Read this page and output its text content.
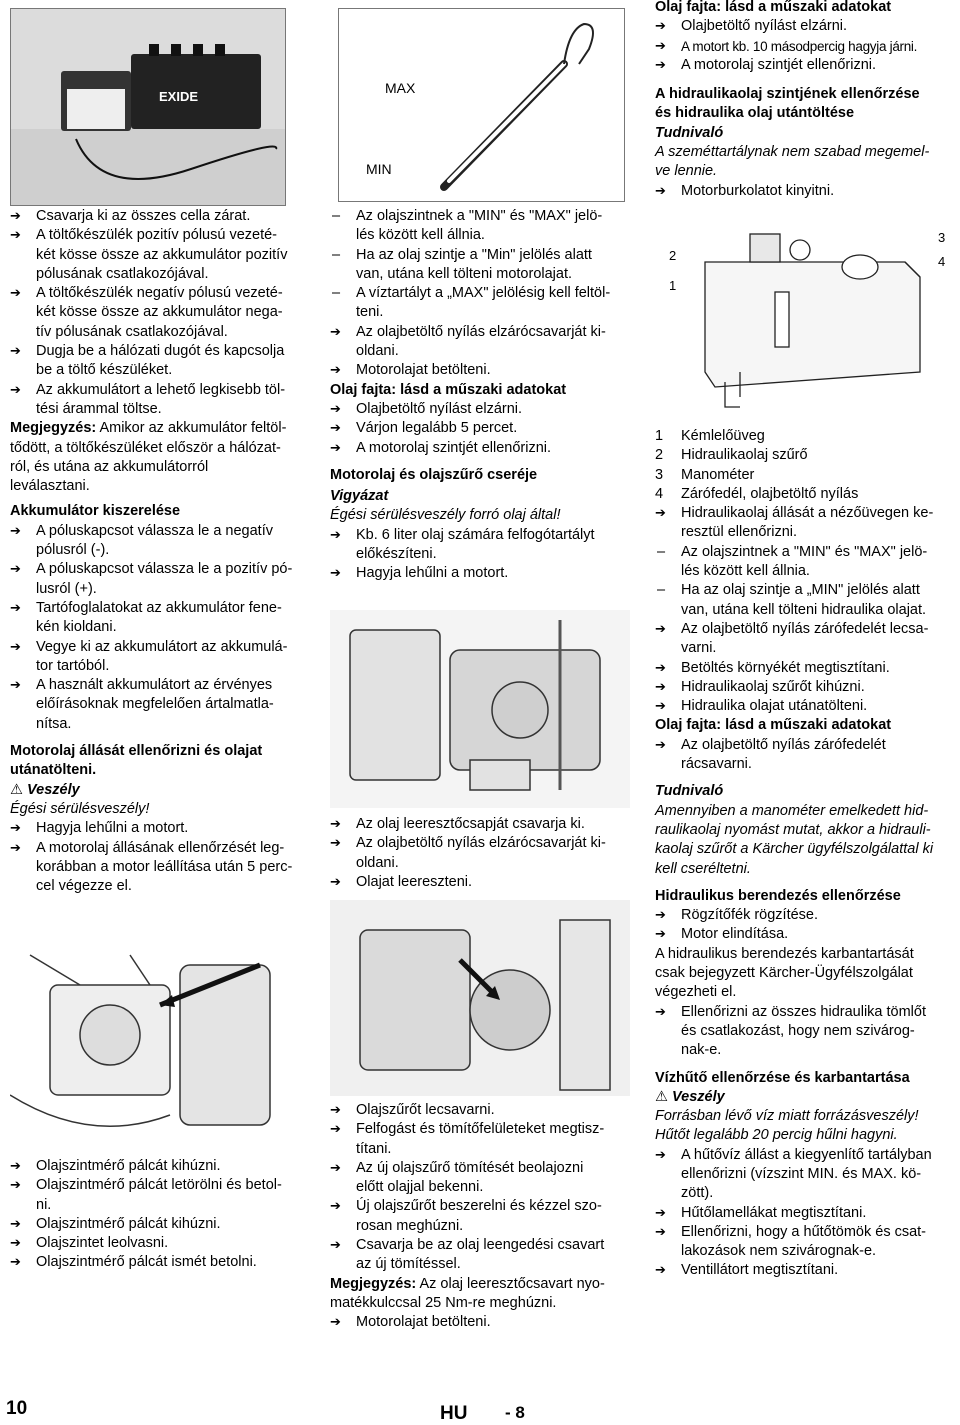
EXIDE
➔ Csavarja ki az összes cella zárat.
➔ A töltőkészülék pozitív pólusú vezeté-
két kösse össze az akkumulátor pozitív
pólusának csatlakozójával.
➔ A töltőkészülék negatív pólusú vezeté-
két kösse össze az akkumulátor nega-
tív pólusának csatlakozójával.
➔ Dugja be a hálózati dugót és kapcsolja
be a töltő készüléket.
➔ Az akkumulátort a lehető legkisebb töl-
tési árammal töltse.
Megjegyzés: Amikor az akkumulátor feltöl-
tődött, a töltőkészüléket először a hálózat-
ról, és utána az akkumulátorról
leválasztani.
Akkumulátor kiszerelése
➔ A póluskapcsot válassza le a negatív
pólusról (-).
➔ A póluskapcsot válassza le a pozitív pó-
lusról (+).
➔ Tartófoglalatokat az akkumulátor fene-
kén kioldani.
➔ Vegye ki az akkumulátort az akkumulá-
tor tartóból.
➔ A használt akkumulátort az érvényes
előírásoknak megfelelően ártalmatla-
nítsa.
Motorolaj állását ellenőrizni és olajat
utánatölteni.
⚠ Veszély
Égési sérülésveszély!
➔ Hagyja lehűlni a motort.
➔ A motorolaj állásának ellenőrzését leg-
korábban a motor leállítása után 5 perc-
cel végezze el.
➔ Olajszintmérő pálcát kihúzni.
➔ Olajszintmérő pálcát letörölni és betol-
ni.
➔ Olajszintmérő pálcát kihúzni.
➔ Olajszintet leolvasni.
➔ Olajszintmérő pálcát ismét betolni.
MAX
MIN
– Az olajszintnek a "MIN" és "MAX" jelö-
lés között kell állnia.
– Ha az olaj szintje a "Min" jelölés alatt
van, utána kell tölteni motorolajat.
– A víztartályt a „MAX" jelölésig kell feltöl-
teni.
➔ Az olajbetöltő nyílás elzárócsavarját ki-
oldani.
➔ Motorolajat betölteni.
Olaj fajta: lásd a műszaki adatokat
➔ Olajbetöltő nyílást elzárni.
➔ Várjon legalább 5 percet.
➔ A motorolaj szintjét ellenőrizni.
Motorolaj és olajszűrő cseréje
Vigyázat
Égési sérülésveszély forró olaj által!
➔ Kb. 6 liter olaj számára felfogótartályt
előkészíteni.
➔ Hagyja lehűlni a motort.
➔ Az olaj leeresztőcsapját csavarja ki.
➔ Az olajbetöltő nyílás elzárócsavarját ki-
oldani.
➔ Olajat leereszteni.
➔ Olajszűrőt lecsavarni.
➔ Felfogást és tömítőfelületeket megtisz-
títani.
➔ Az új olajszűrő tömítését beolajozni
előtt olajjal bekenni.
➔ Új olajszűrőt beszerelni és kézzel szo-
rosan meghúzni.
➔ Csavarja be az olaj leengedési csavart
az új tömítéssel.
Megjegyzés: Az olaj leeresztőcsavart nyo-
matékkulccsal 25 Nm-re meghúzni.
➔ Motorolajat betölteni.
Olaj fajta: lásd a műszaki adatokat
➔ Olajbetöltő nyílást elzárni.
➔ A motort kb. 10 másodpercig hagyja járni.
➔ A motorolaj szintjét ellenőrizni.
A hidraulikaolaj szintjének ellenőrzése
és hidraulika olaj utántöltése
Tudnivaló
A szeméttartálynak nem szabad megemel-
ve lennie.
➔ Motorburkolatot kinyitni.
2
1
3
4
1 Kémlelőüveg
2 Hidraulikaolaj szűrő
3 Manométer
4 Zárófedél, olajbetöltő nyílás
➔ Hidraulikaolaj állását a nézőüvegen ke-
resztül ellenőrizni.
– Az olajszintnek a "MIN" és "MAX" jelö-
lés között kell állnia.
– Ha az olaj szintje a „MIN" jelölés alatt
van, utána kell tölteni hidraulika olajat.
➔ Az olajbetöltő nyílás zárófedelét lecsa-
varni.
➔ Betöltés környékét megtisztítani.
➔ Hidraulikaolaj szűrőt kihúzni.
➔ Hidraulika olajat utánatölteni.
Olaj fajta: lásd a műszaki adatokat
➔ Az olajbetöltő nyílás zárófedelét
rácsavarni.
Tudnivaló
Amennyiben a manométer emelkedett hid-
raulikaolaj nyomást mutat, akkor a hidrauli-
kaolaj szűrőt a Kärcher ügyfélszolgálattal ki
kell cseréltetni.
Hidraulikus berendezés ellenőrzése
➔ Rögzítőfék rögzítése.
➔ Motor elindítása.
A hidraulikus berendezés karbantartását
csak bejegyzett Kärcher-Ügyfélszolgálat
végezheti el.
➔ Ellenőrizni az összes hidraulika tömlőt
és csatlakozást, hogy nem szivárog-
nak-e.
Vízhűtő ellenőrzése és karbantartása
⚠ Veszély
Forrásban lévő víz miatt forrázásveszély!
Hűtőt legalább 20 percig hűlni hagyni.
➔ A hűtővíz állást a kiegyenlítő tartályban
ellenőrizni (vízszint MIN. és MAX. kö-
zött).
➔ Hűtőlamellákat megtisztítani.
➔ Ellenőrizni, hogy a hűtőtömök és csat-
lakozások nem szivárognak-e.
➔ Ventillátort megtisztítani.
10	HU - 8
